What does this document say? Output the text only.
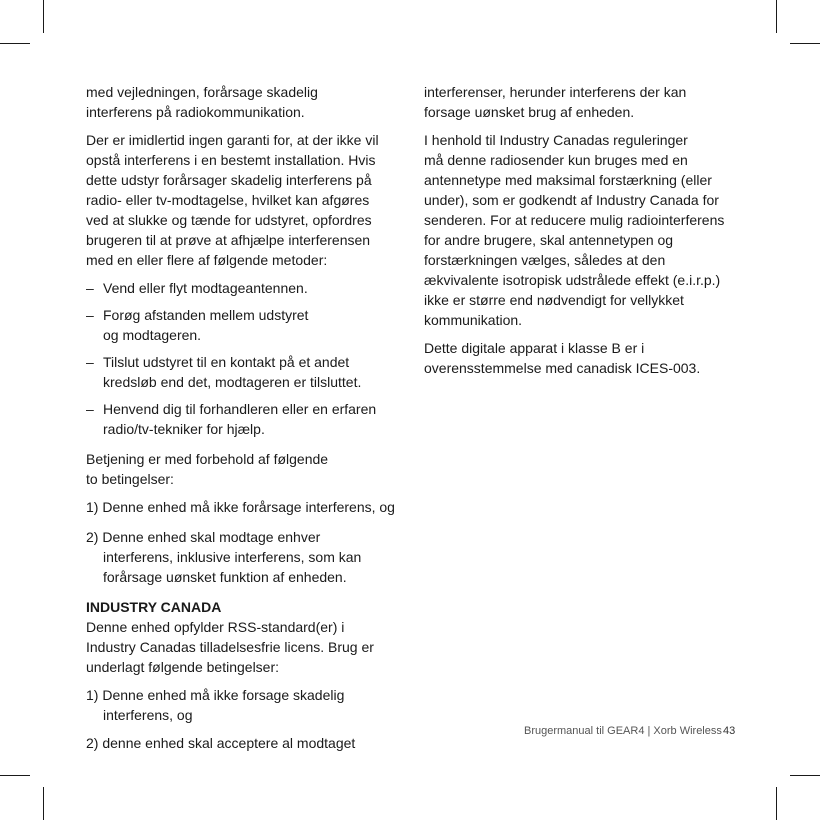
med vejledningen, forårsage skadelig
interferens på radiokommunikation.

Der er imidlertid ingen garanti for, at der ikke vil
opstå interferens i en bestemt installation. Hvis
dette udstyr forårsager skadelig interferens på
radio- eller tv-modtagelse, hvilket kan afgøres
ved at slukke og tænde for udstyret, opfordres
brugeren til at prøve at afhjælpe interferensen
med en eller flere af følgende metoder:

– Vend eller flyt modtageantennen.
– Forøg afstanden mellem udstyret
og modtageren.
– Tilslut udstyret til en kontakt på et andet
kredsløb end det, modtageren er tilsluttet.
– Henvend dig til forhandleren eller en erfaren
radio/tv-tekniker for hjælp.

Betjening er med forbehold af følgende
to betingelser:

1) Denne enhed må ikke forårsage interferens, og
2) Denne enhed skal modtage enhver
interferens, inklusive interferens, som kan
forårsage uønsket funktion af enheden.

INDUSTRY CANADA
Denne enhed opfylder RSS-standard(er) i
Industry Canadas tilladelsesfrie licens. Brug er
underlagt følgende betingelser:

1) Denne enhed må ikke forsage skadelig
interferens, og
2) denne enhed skal acceptere al modtaget

interferenser, herunder interferens der kan
forsage uønsket brug af enheden.

I henhold til Industry Canadas reguleringer
må denne radiosender kun bruges med en
antennetype med maksimal forstærkning (eller
under), som er godkendt af Industry Canada for
senderen. For at reducere mulig radiointerferens
for andre brugere, skal antennetypen og
forstærkningen vælges, således at den
ækvivalente isotropisk udstrålede effekt (e.i.r.p.)
ikke er større end nødvendigt for vellykket
kommunikation.

Dette digitale apparat i klasse B er i
overensstemmelse med canadisk ICES-003.

Brugermanual til GEAR4 | Xorb Wireless 43
